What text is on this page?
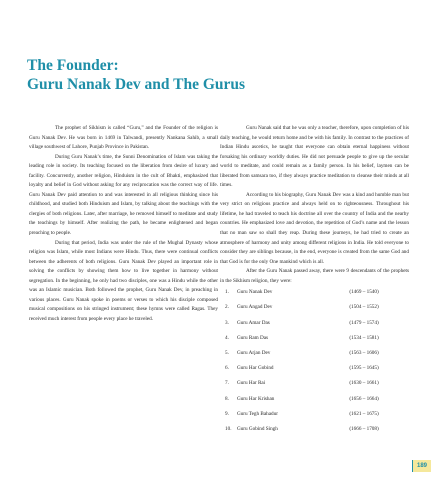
The Founder:
Guru Nanak Dev and The Gurus

The prophet of Sikhism is called “Guru,” and the Founder of the religion is Guru Nanak Dev. He was born in 1469 in Talwandi, presently Nankana Sahib, a small village southwest of Lahore, Punjab Province in Pakistan.

During Guru Nanak’s time, the Sunni Denomination of Islam was taking the leading role in society. Its teaching focused on the liberation from desire of luxury and facility. Concurrently, another religion, Hinduism in the cult of Bhakti, emphasized that loyalty and belief in God without asking for any reciprocation was the correct way of life. Guru Nanak Dev paid attention to and was interested in all religious thinking since his childhood, and studied both Hinduism and Islam, by talking about the teachings with the clergies of both religions. Later, after marriage, he removed himself to meditate and study the teachings by himself. After realizing the path, he became enlightened and began preaching to people.

During that period, India was under the rule of the Mughal Dynasty whose religion was Islam, while most Indians were Hindu. Thus, there were continual conflicts between the adherents of both religions. Guru Nanak Dev played an important role in solving the conflicts by showing them how to live together in harmony without segregation. In the beginning, he only had two disciples, one was a Hindu while the other was an Islamic musician. Both followed the prophet, Guru Nanak Dev, in preaching in various places. Guru Nanak spoke in poems or verses to which his disciple composed musical compositions on his stringed instrument; these hymns were called Ragas. They received much interest from people every place he traveled.

Guru Nanak said that he was only a teacher, therefore, upon completion of his daily teaching, he would return home and be with his family. In contrast to the practices of Indian Hindu ascetics, he taught that everyone can obtain eternal happiness without forsaking his ordinary worldly duties. He did not persuade people to give up the secular world to meditate, and could remain as a family person. In his belief, laymen can be liberated from samsara too, if they always practice meditation to cleanse their minds at all times.

According to his biography, Guru Nanak Dev was a kind and humble man but very strict on religious practice and always held on to righteousness. Throughout his lifetime, he had traveled to teach his doctrine all over the country of India and the nearby countries. He emphasized love and devotion, the repetition of God’s name and the lesson that no man saw so shall they reap. During these journeys, he had tried to create an atmosphere of harmony and unity among different religions in India. He told everyone to consider they are siblings because, in the end, everyone is created from the same God and that God is for the only One mankind which is all.

After the Guru Nanak passed away, there were 9 descendants of the prophets in the Sikhism religion, they were:

1.	Guru Nanak Dev	(1469 – 1540)
2.	Guru Angad Dev	(1504 – 1552)
3.	Guru Amar Das	(1479 – 1574)
4.	Guru Ram Das	(1534 – 1581)
5.	Guru Arjan Dev	(1563 – 1606)
6.	Guru Har Gobind	(1595 – 1645)
7.	Guru Har Rai	(1630 – 1661)
8.	Guru Har Krishan	(1656 – 1664)
9.	Guru Tegh Bahadur	(1621 – 1675)
10.	Guru Gobind Singh	(1666 – 1708)
189
